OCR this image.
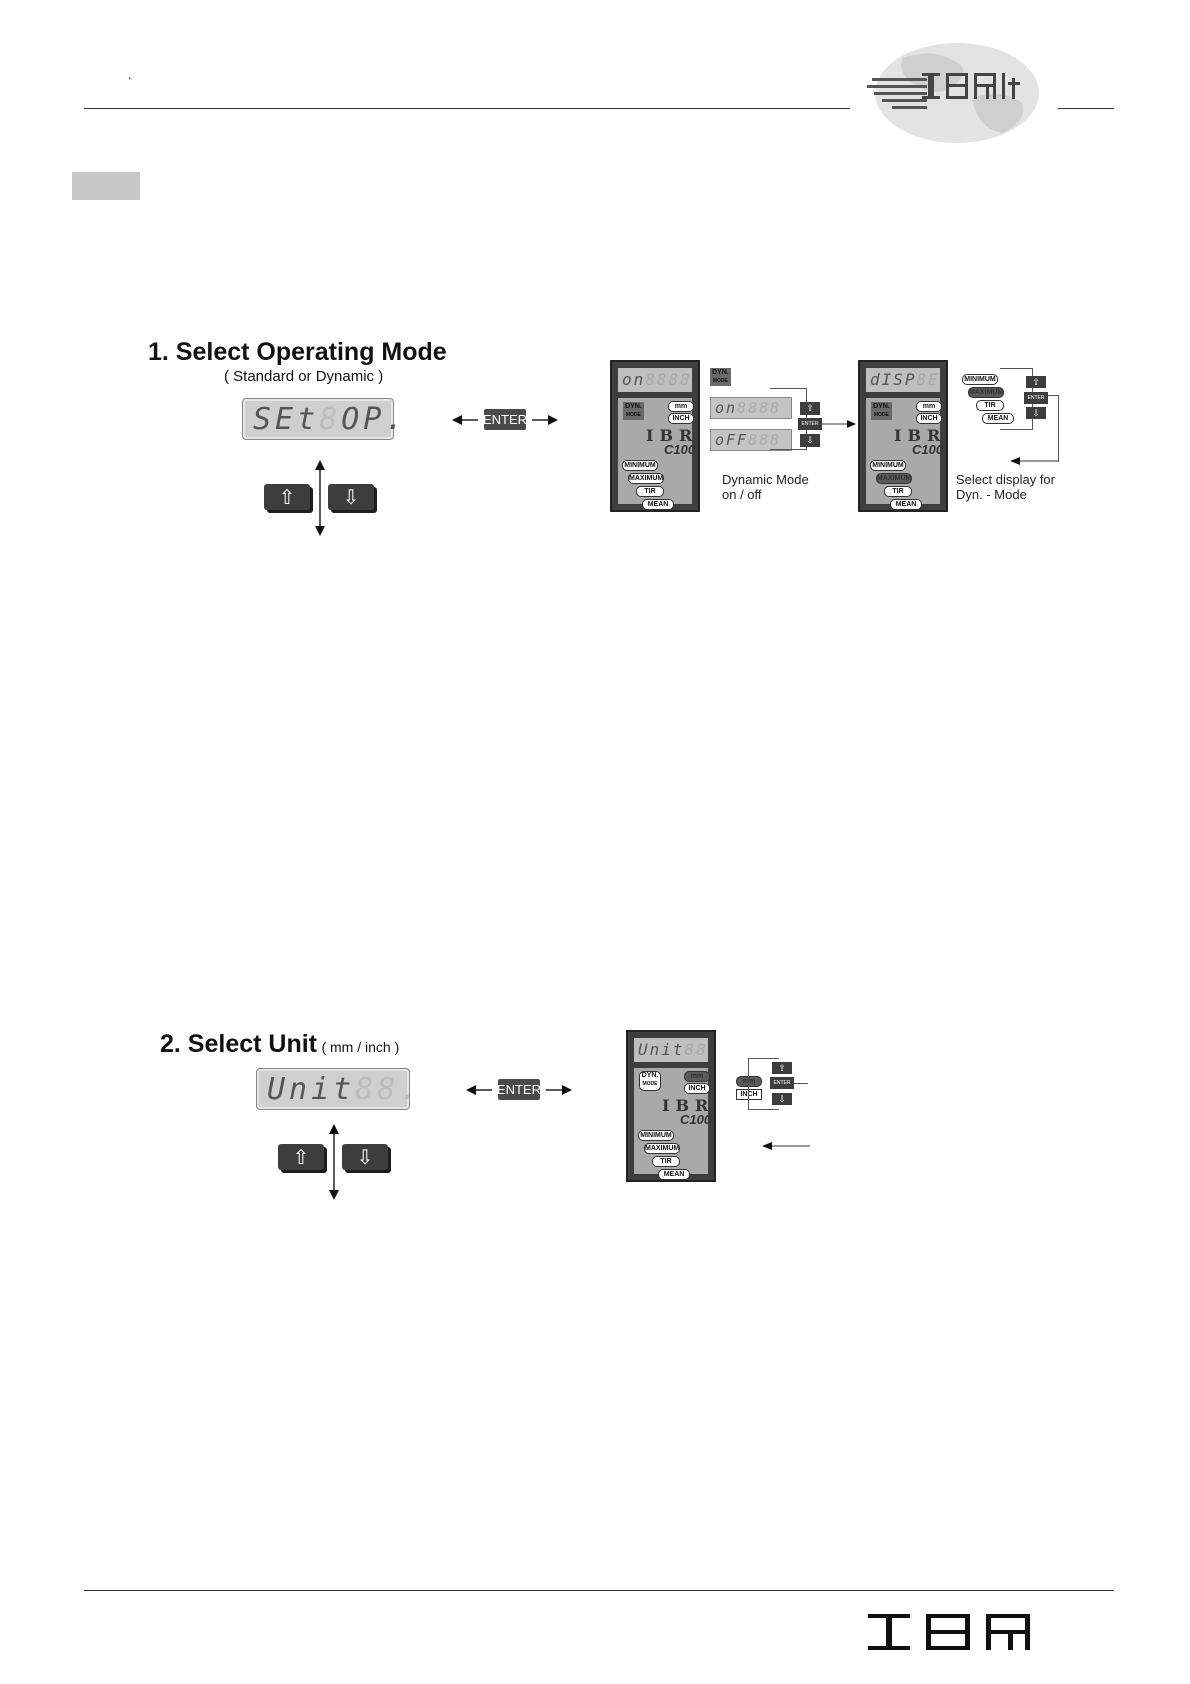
.
1. Select Operating Mode
( Standard or Dynamic )
SEt 8 OP.
⇧	⇩
ENTER
on8888
DYN.
MODE
mm
INCH
IBR
C100
MINIMUM
MAXIMUM
TIR
MEAN
DYN.
MODE
on8888
oFF888
⇧
ENTER
⇩
Dynamic Mode
on / off
dISP8E
DYN.
MODE
mm
INCH
IBR
C100
MINIMUM
MAXIMUM
TIR
MEAN
MINIMUM
MAXIMUM
TIR
MEAN
⇧
ENTER
⇩
Select display for
Dyn. - Mode
2. Select Unit ( mm / inch )
Unit 88.
⇧	⇩
ENTER
Unit88
DYN.
MODE
mm
INCH
IBR
C100
MINIMUM
MAXIMUM
TIR
MEAN
mm
INCH
⇧
ENTER
⇩
